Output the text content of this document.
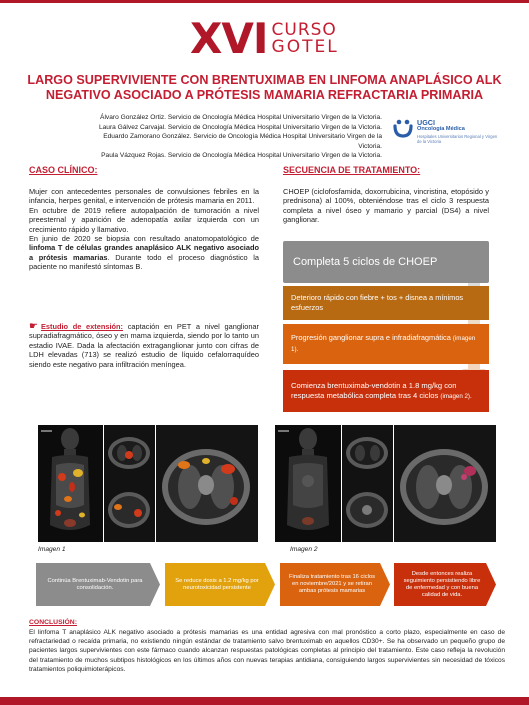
XVI CURSO
GOTEL
LARGO SUPERVIVIENTE CON BRENTUXIMAB EN LINFOMA ANAPLÁSICO ALK
NEGATIVO ASOCIADO A PRÓTESIS MAMARIA REFRACTARIA PRIMARIA
Álvaro González Ortiz. Servicio de Oncología Médica Hospital Universitario Virgen de la Victoria.
Laura Gálvez Carvajal. Servicio de Oncología Médica Hospital Universitario Virgen de la Victoria.
Eduardo Zamorano González. Servicio de Oncología Médica Hospital Universitario Virgen de la Victoria.
Paula Vázquez Rojas. Servicio de Oncología Médica Hospital Universitario Virgen de la Victoria.
UGCI
Oncología Médica
Hospitales Universitarios Regional y Virgen de la Victoria
CASO CLÍNICO:

Mujer con antecedentes personales de convulsiones febriles en la infancia, herpes genital, e intervención de prótesis mamaria en 2011.

En octubre de 2019 refiere autopalpación de tumoración a nivel preesternal y aparición de adenopatía axilar izquierda con un crecimiento rápido y llamativo.

En junio de 2020 se biopsia con resultado anatomopatológico de linfoma T de células grandes anaplásico ALK negativo asociado a prótesis mamarias. Durante todo el proceso diagnóstico la paciente no manifestó síntomas B.

☛ Estudio de extensión: captación en PET a nivel ganglionar supradiafragmático, óseo y en mama izquierda, siendo por lo tanto un estadio IVAE. Dada la afectación extraganglionar junto con cifras de LDH elevadas (713) se realizó estudio de líquido cefalorraquídeo siendo este negativo para infiltración meníngea.
SECUENCIA DE TRATAMIENTO:
CHOEP (ciclofosfamida, doxorrubicina, vincristina, etopósido y prednisona) al 100%, obteniéndose tras el ciclo 3 respuesta completa a nivel óseo y mamario y parcial (DS4) a nivel ganglionar.
Completa 5 ciclos de CHOEP
Deterioro rápido con fiebre + tos + disnea a mínimos esfuerzos
Progresión ganglionar supra e infradiafragmática (imagen 1).
Comienza brentuximab-vendotin a 1.8 mg/kg con respuesta metabólica completa tras 4 ciclos (imagen 2).
Imagen 1	Imagen 2
Continúa Brentuximab-Vendotin para consolidación.
Se reduce dosis a 1.2 mg/kg por neurotoxicidad persistente
Finaliza tratamiento tras 16 ciclos en noviembre/2021 y se retiran ambas prótesis mamarias
Desde entonces realiza seguimiento persistiendo libre de enfermedad y con buena calidad de vida.
CONCLUSIÓN:
El linfoma T anaplásico ALK negativo asociado a prótesis mamarias es una entidad agresiva con mal pronóstico a corto plazo, especialmente en caso de refractariedad o recaída primaria, no existiendo ningún estándar de tratamiento salvo brentuximab en aquellos CD30+. Se ha observado un pequeño grupo de pacientes largos supervivientes con este fármaco cuando alcanzan respuestas patológicas completas al principio del tratamiento. Este caso refleja la revolución del tratamiento de muchos subtipos histológicos en los últimos años con nuevas terapias antidiana, consiguiendo largos supervivientes sin necesidad de tóxicos tratamientos poliquimioterápicos.
